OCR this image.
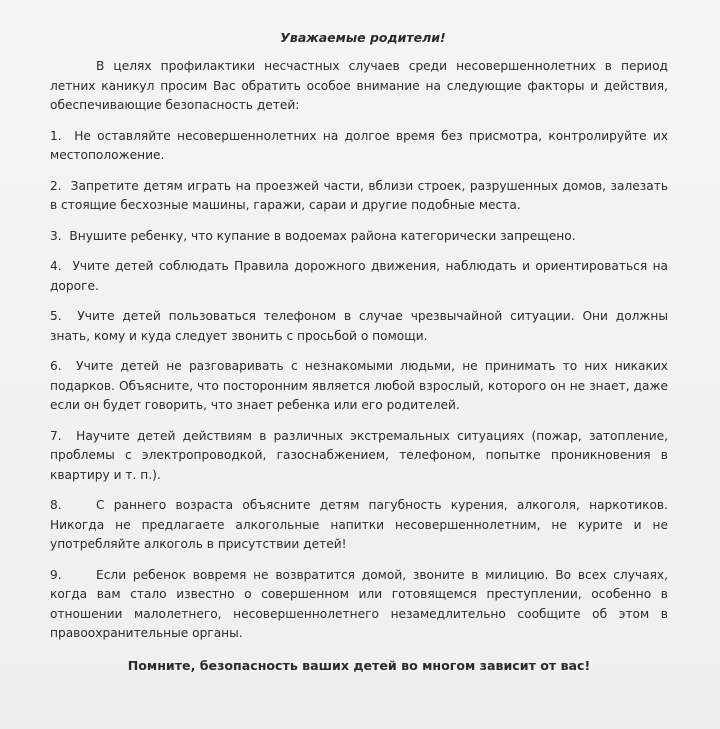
Уважаемые родители!

В целях профилактики несчастных случаев среди несовершеннолетних в период летних каникул просим Вас обратить особое внимание на следующие факторы и действия, обеспечивающие безопасность детей:

1. Не оставляйте несовершеннолетних на долгое время без присмотра, контролируйте их местоположение.

2. Запретите детям играть на проезжей части, вблизи строек, разрушенных домов, залезать в стоящие бесхозные машины, гаражи, сараи и другие подобные места.

3. Внушите ребенку, что купание в водоемах района категорически запрещено.

4. Учите детей соблюдать Правила дорожного движения, наблюдать и ориентироваться на дороге.

5. Учите детей пользоваться телефоном в случае чрезвычайной ситуации. Они должны знать, кому и куда следует звонить с просьбой о помощи.

6. Учите детей не разговаривать с незнакомыми людьми, не принимать то них никаких подарков. Объясните, что посторонним является любой взрослый, которого он не знает, даже если он будет говорить, что знает ребенка или его родителей.

7. Научите детей действиям в различных экстремальных ситуациях (пожар, затопление, проблемы с электропроводкой, газоснабжением, телефоном, попытке проникновения в квартиру и т. п.).

8.	С раннего возраста объясните детям пагубность курения, алкоголя, наркотиков. Никогда не предлагаете алкогольные напитки несовершеннолетним, не курите и не употребляйте алкоголь в присутствии детей!

9.	Если ребенок вовремя не возвратится домой, звоните в милицию. Во всех случаях, когда вам стало известно о совершенном или готовящемся преступлении, особенно в отношении малолетнего, несовершеннолетнего незамедлительно сообщите об этом в правоохранительные органы.

Помните, безопасность ваших детей во многом зависит от вас!
